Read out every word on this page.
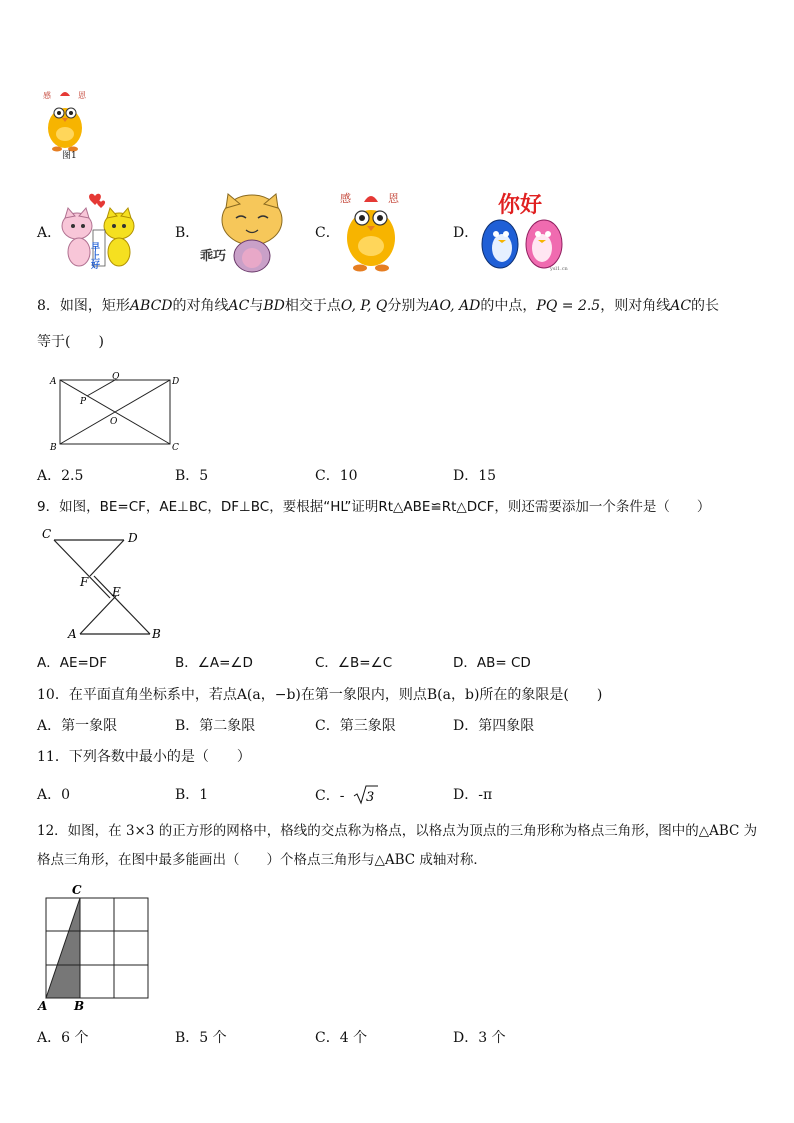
感	恩
图1
A．
早上好
B．
乖巧
C．
感	恩
D．
你好
ysl1.cn
8．如图，矩形ABCD的对角线AC与BD相交于点O, P, Q分别为AO, AD的中点，PQ = 2.5，则对角线AC的长
等于(　　)
A	Q	D
P
O
B	C
A．2.5	B．5	C．10	D．15
9．如图，BE=CF，AE⊥BC，DF⊥BC，要根据“HL”证明Rt△ABE≌Rt△DCF，则还需要添加一个条件是（　　）
C	D
F
E
A	B
A．AE=DF	B．∠A=∠D	C．∠B=∠C	D．AB= CD
10．在平面直角坐标系中，若点A(a，−b)在第一象限内，则点B(a，b)所在的象限是(　　)
A．第一象限	B．第二象限	C．第三象限	D．第四象限
11．下列各数中最小的是（　　）
A．0	B．1	C．- 3	D．-π
12．如图，在 3×3 的正方形的网格中，格线的交点称为格点，以格点为顶点的三角形称为格点三角形，图中的△ABC 为
格点三角形，在图中最多能画出（　　）个格点三角形与△ABC 成轴对称．
C
A B
A．6 个	B．5 个	C．4 个	D．3 个
